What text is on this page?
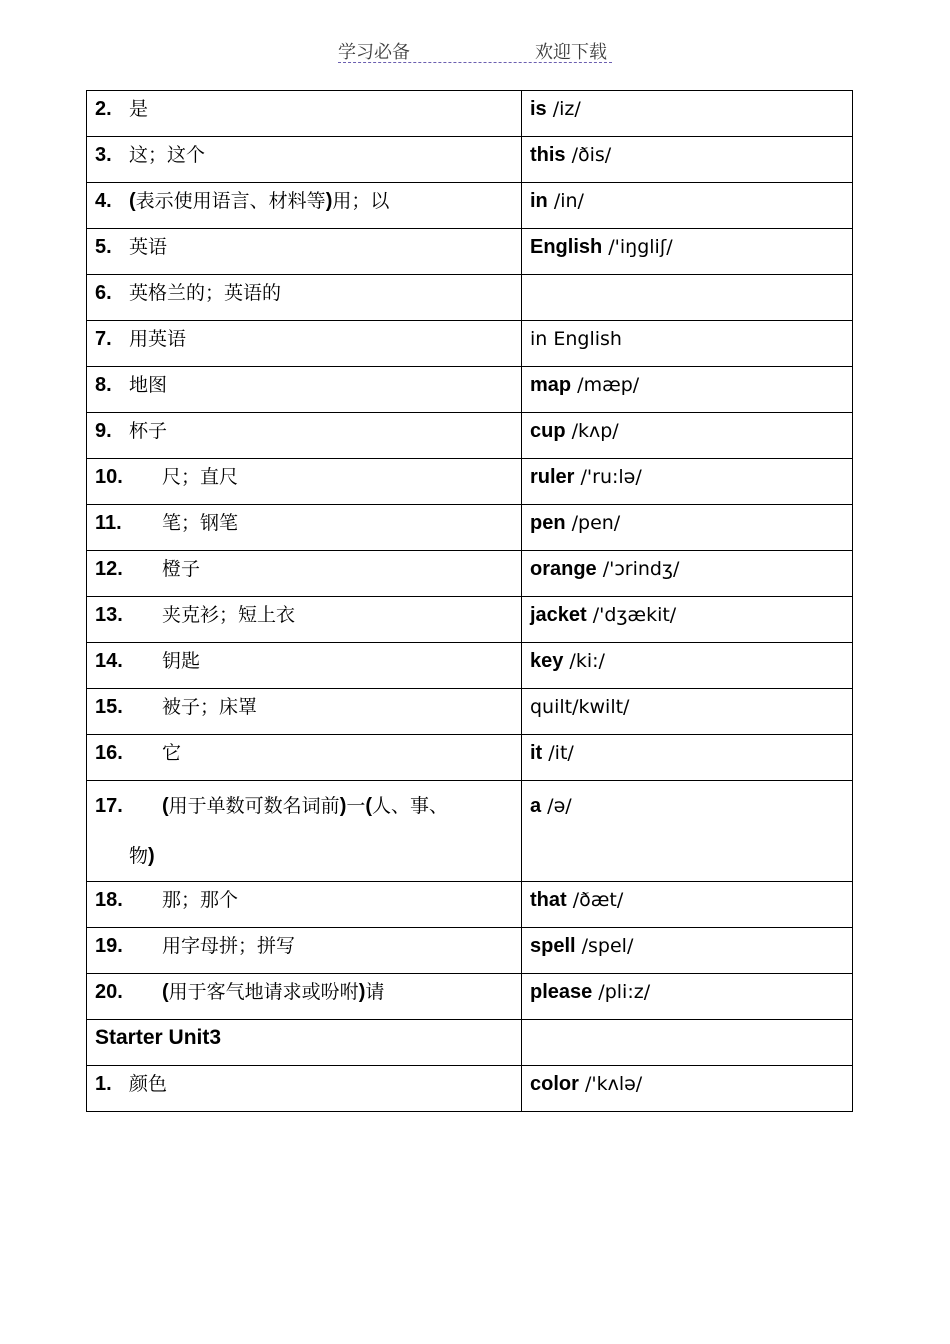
学习必备	欢迎下载
2. 是	is /iz/
3. 这；这个	this /ðis/
4. (表示使用语言、材料等)用；以	in /in/
5. 英语	English /'iŋgliʃ/
6. 英格兰的；英语的	
7. 用英语	in English
8. 地图	map /mæp/
9. 杯子	cup /kʌp/
10. 尺；直尺	ruler /'ru:lə/
11. 笔；钢笔	pen /pen/
12. 橙子	orange /'ɔrindʒ/
13. 夹克衫；短上衣	jacket /'dʒækit/
14. 钥匙	key /ki:/
15. 被子；床罩	quilt/kwilt/
16. 它	it /it/
17. (用于单数可数名词前)一(人、事、
物)	a /ə/
18. 那；那个	that /ðæt/
19. 用字母拼；拼写	spell /spel/
20. (用于客气地请求或吩咐)请	please /pli:z/
Starter Unit3	
1. 颜色	color /'kʌlə/
